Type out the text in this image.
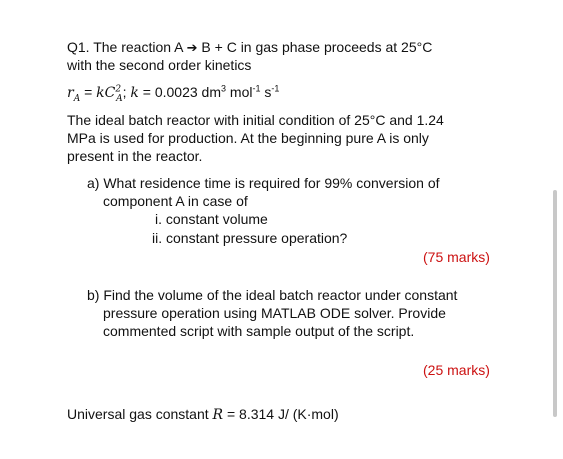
Q1. The reaction A ➔ B + C in gas phase proceeds at 25°C
with the second order kinetics
$r_A = kC^2_A$; k = 0.0023 $dm^3$ mol$^{-1}$ $s^{-1}$
The ideal batch reactor with initial condition of 25°C and 1.24
MPa is used for production. At the beginning pure A is only
present in the reactor.
a) What residence time is required for 99% conversion of
component A in case of
i. constant volume
ii. constant pressure operation?
(75 marks)
b) Find the volume of the ideal batch reactor under constant
pressure operation using MATLAB ODE solver. Provide
commented script with sample output of the script.
(25 marks)
Universal gas constant R = 8.314 J/ (K·mol)
